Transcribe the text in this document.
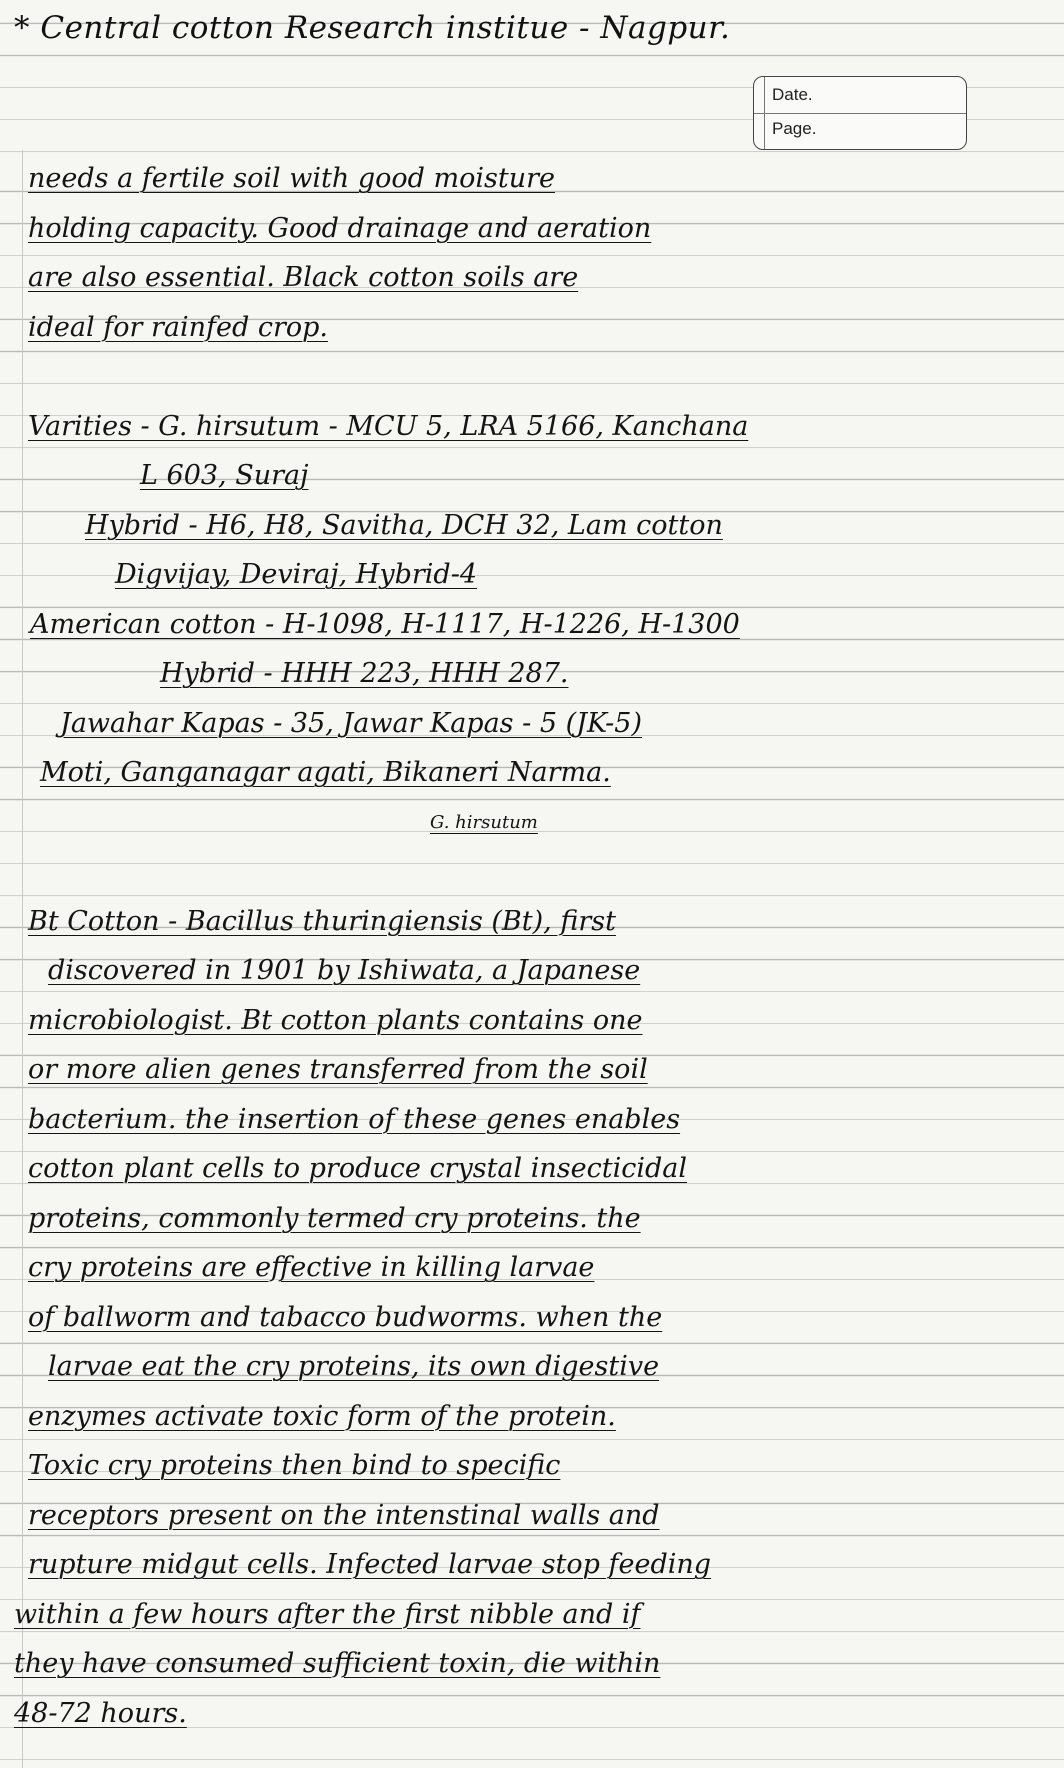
* Central cotton Research institue - Nagpur.
Date.
Page.
needs a fertile soil with good moisture
holding capacity. Good drainage and aeration
are also essential. Black cotton soils are
ideal for rainfed crop.
Varities - G. hirsutum - MCU 5, LRA 5166, Kanchana
L 603, Suraj
Hybrid - H6, H8, Savitha, DCH 32, Lam cotton
Digvijay, Deviraj, Hybrid-4
American cotton - H-1098, H-1117, H-1226, H-1300
Hybrid - HHH 223, HHH 287.
Jawahar Kapas - 35, Jawar Kapas - 5 (JK-5)
Moti, Ganganagar agati, Bikaneri Narma.
G. hirsutum
Bt Cotton - Bacillus thuringiensis (Bt), first
discovered in 1901 by Ishiwata, a Japanese
microbiologist. Bt cotton plants contains one
or more alien genes transferred from the soil
bacterium. the insertion of these genes enables
cotton plant cells to produce crystal insecticidal
proteins, commonly termed cry proteins. the
cry proteins are effective in killing larvae
of ballworm and tabacco budworms. when the
larvae eat the cry proteins, its own digestive
enzymes activate toxic form of the protein.
Toxic cry proteins then bind to specific
receptors present on the intenstinal walls and
rupture midgut cells. Infected larvae stop feeding
within a few hours after the first nibble and if
they have consumed sufficient toxin, die within
48-72 hours.
